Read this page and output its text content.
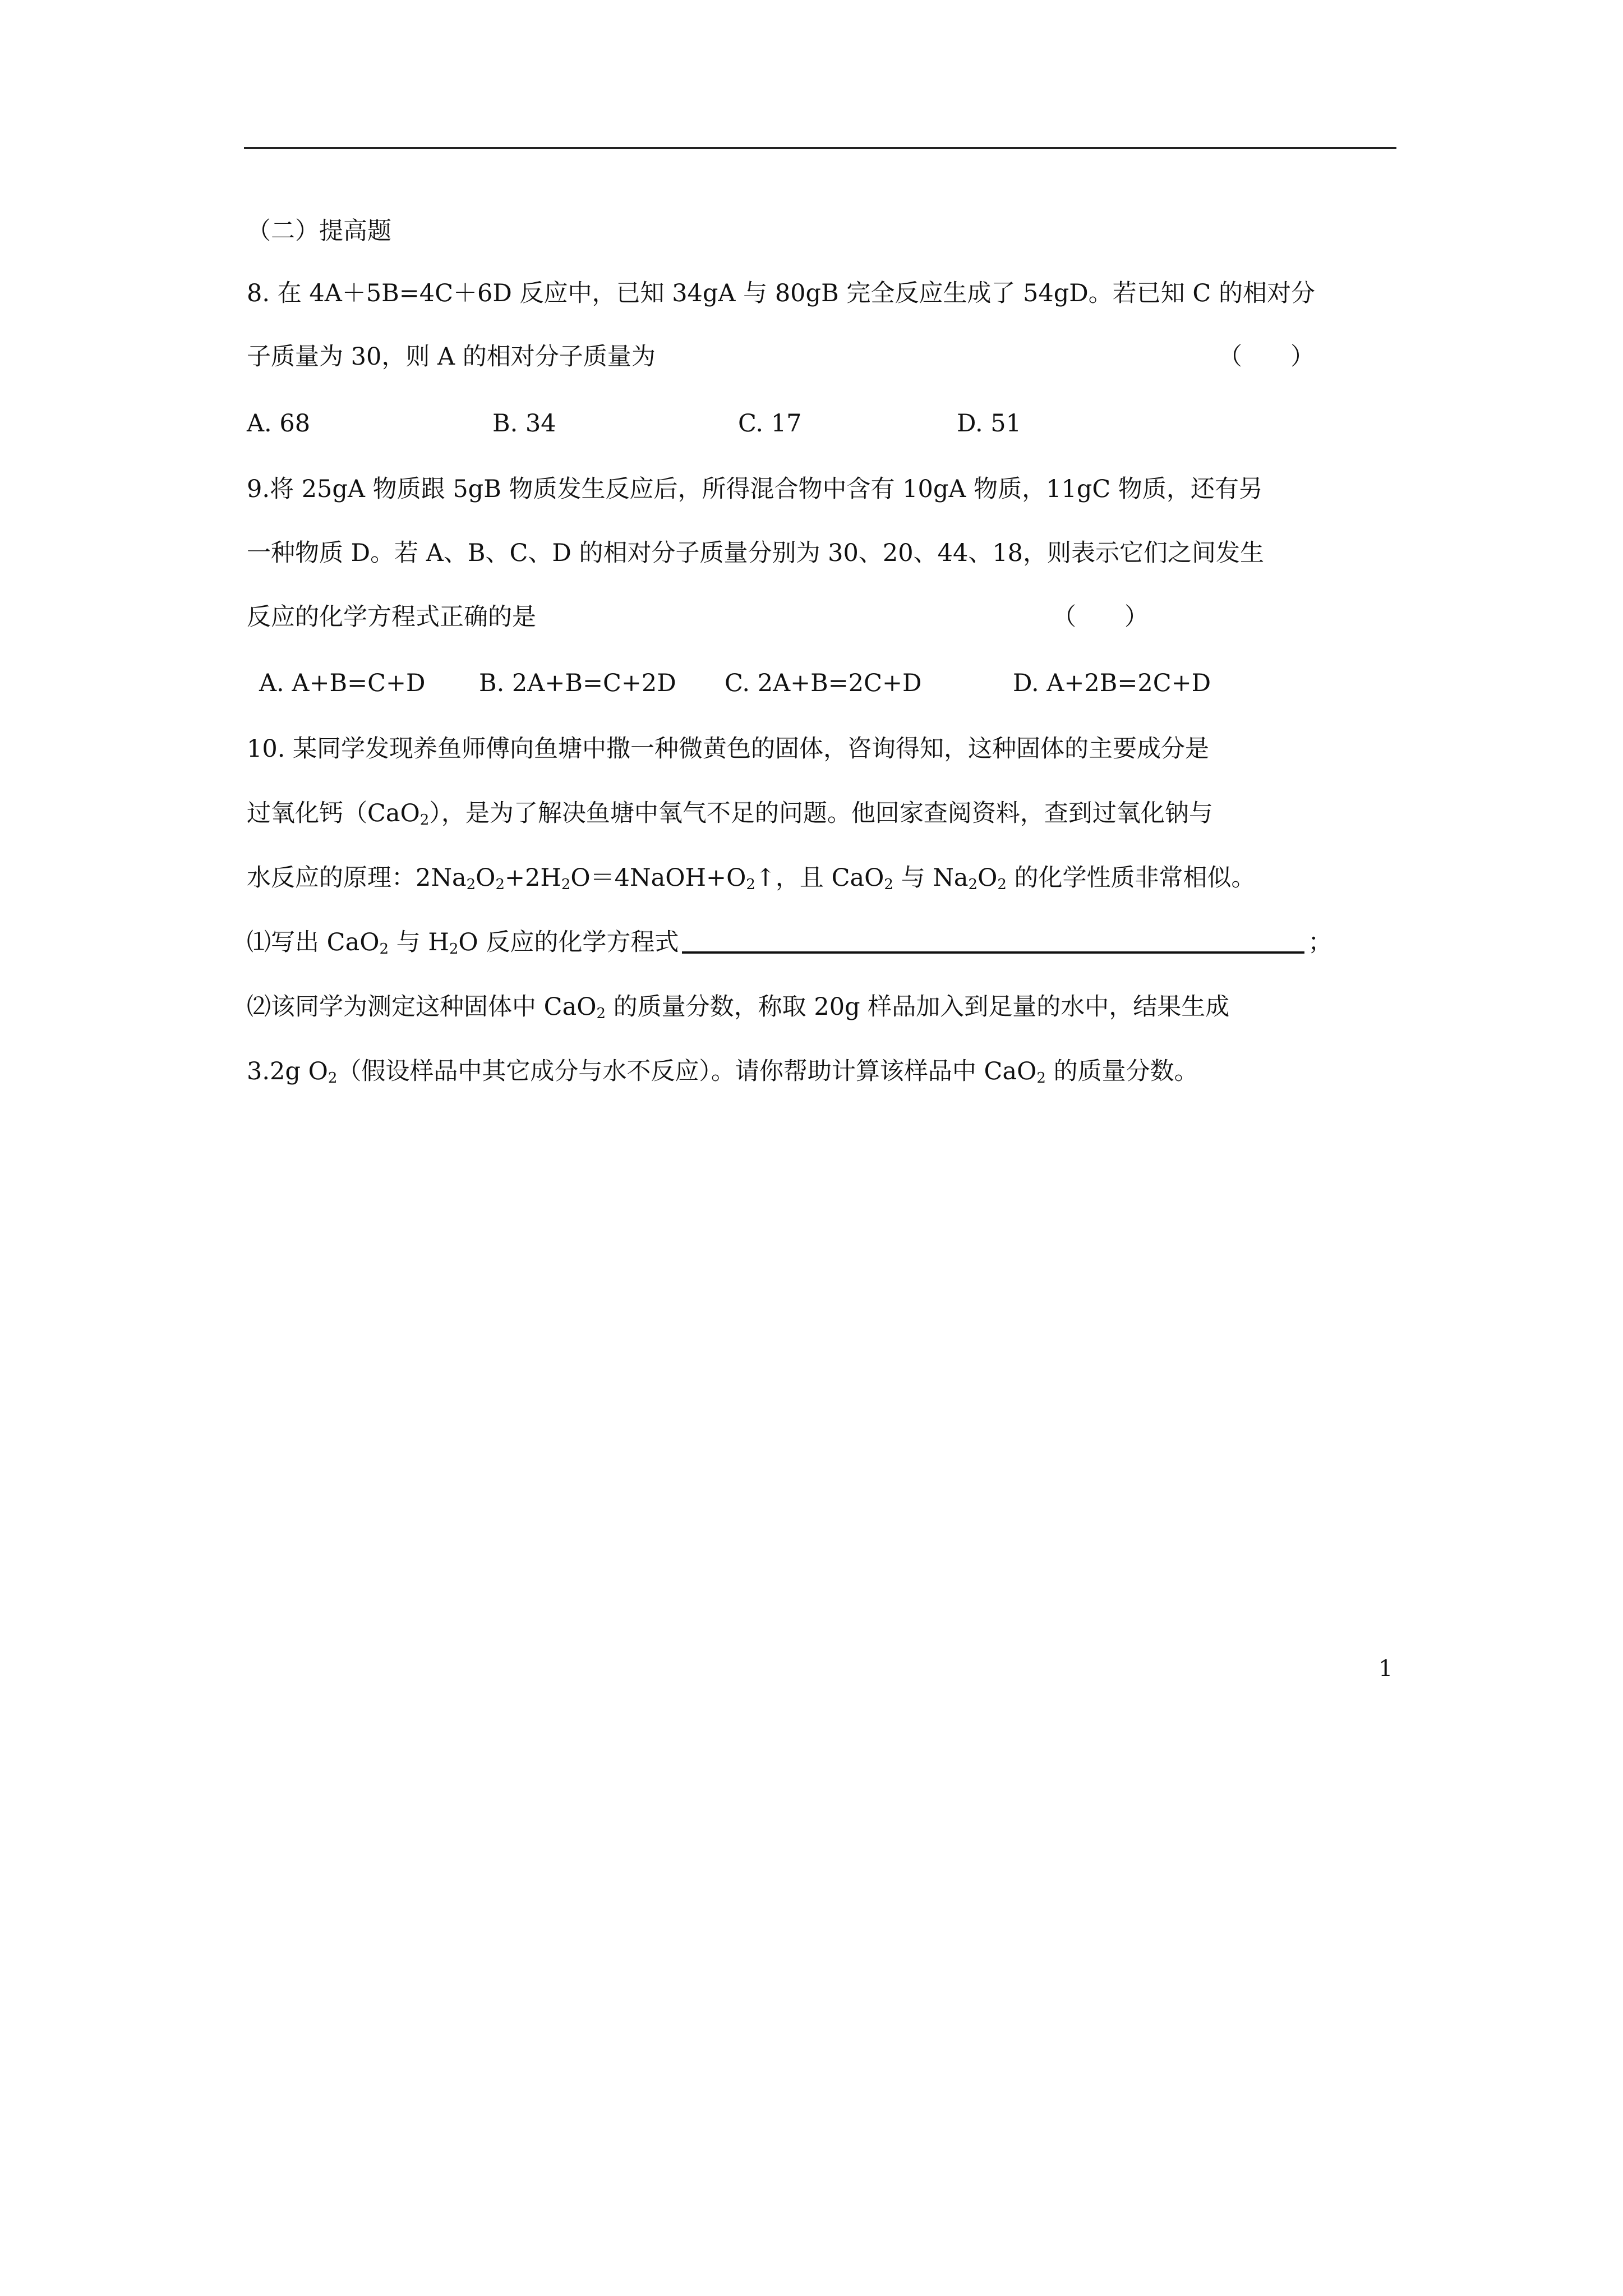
（二）提高题
8. 在 4A＋5B=4C＋6D 反应中，已知 34gA 与 80gB 完全反应生成了 54gD。若已知 C 的相对分
子质量为 30，则 A 的相对分子质量为	（　　）
A. 68	B. 34	C. 17	D. 51
9.将 25gA 物质跟 5gB 物质发生反应后，所得混合物中含有 10gA 物质，11gC 物质，还有另
一种物质 D。若 A、B、C、D 的相对分子质量分别为 30、20、44、18，则表示它们之间发生
反应的化学方程式正确的是	（　　）
A. A+B=C+D B. 2A+B=C+2D C. 2A+B=2C+D	D. A+2B=2C+D
10. 某同学发现养鱼师傅向鱼塘中撒一种微黄色的固体，咨询得知，这种固体的主要成分是
过氧化钙（CaO$_2$），是为了解决鱼塘中氧气不足的问题。他回家查阅资料，查到过氧化钠与
水反应的原理：$2Na_2O_2+2H_2O=4NaOH+O_2↑$，且 CaO$_2$ 与 $Na_2O_2$ 的化学性质非常相似。
⑴写出 CaO$_2$ 与 $H_2O$ 反应的化学方程式	；
⑵该同学为测定这种固体中 CaO$_2$ 的质量分数，称取 20g 样品加入到足量的水中，结果生成
3.2g $O_2$（假设样品中其它成分与水不反应）。请你帮助计算该样品中 CaO$_2$ 的质量分数。
1
